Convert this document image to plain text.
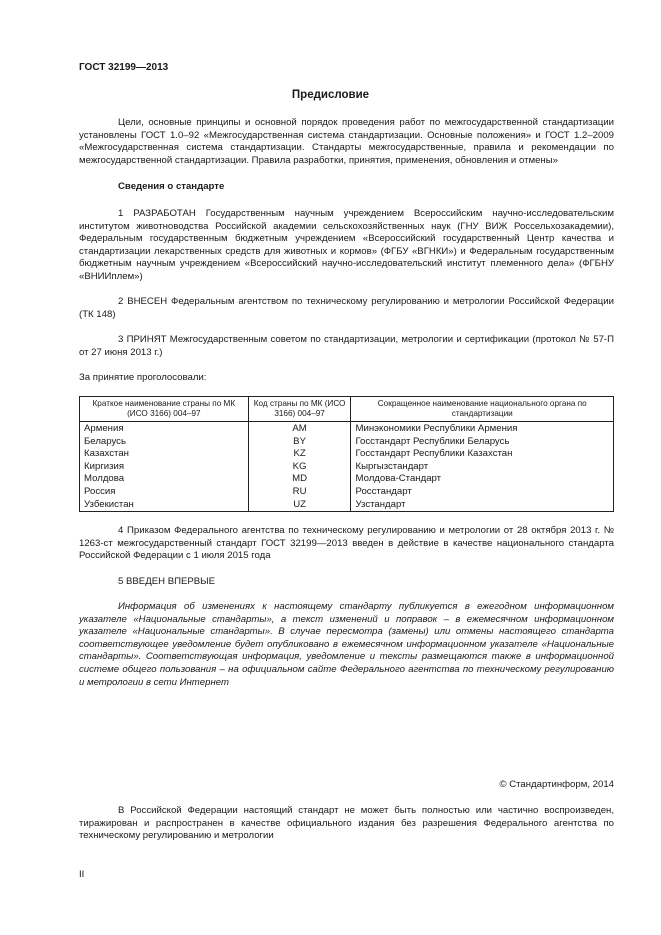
ГОСТ 32199—2013
Предисловие

Цели, основные принципы и основной порядок проведения работ по межгосударственной стандартизации установлены ГОСТ 1.0–92 «Межгосударственная система стандартизации. Основные положения» и ГОСТ 1.2–2009 «Межгосударственная система стандартизации. Стандарты межгосударственные, правила и рекомендации по межгосударственной стандартизации. Правила разработки, принятия, применения, обновления и отмены»

Сведения о стандарте

1 РАЗРАБОТАН Государственным научным учреждением Всероссийским научно-исследовательским институтом животноводства Российской академии сельскохозяйственных наук (ГНУ ВИЖ Россельхозакадемии), Федеральным государственным бюджетным учреждением «Всероссийский государственный Центр качества и стандартизации лекарственных средств для животных и кормов» (ФГБУ «ВГНКИ») и Федеральным государственным бюджетным научным учреждением «Всероссийский научно-исследовательский институт племенного дела» (ФГБНУ «ВНИИплем»)

2 ВНЕСЕН Федеральным агентством по техническому регулированию и метрологии Российской Федерации (ТК 148)

3 ПРИНЯТ Межгосударственным советом по стандартизации, метрологии и сертификации (протокол № 57-П от 27 июня 2013 г.)

За принятие проголосовали:
Краткое наименование страны по МК (ИСО 3166) 004–97	Код страны по МК (ИСО 3166) 004–97	Сокращенное наименование национального органа по стандартизации
Армения	AM	Минэкономики Республики Армения
Беларусь	BY	Госстандарт Республики Беларусь
Казахстан	KZ	Госстандарт Республики Казахстан
Киргизия	KG	Кыргызстандарт
Молдова	MD	Молдова-Стандарт
Россия	RU	Росстандарт
Узбекистан	UZ	Узстандарт

4 Приказом Федерального агентства по техническому регулированию и метрологии от 28 октября 2013 г. № 1263-ст межгосударственный стандарт ГОСТ 32199—2013 введен в действие в качестве национального стандарта Российской Федерации с 1 июля 2015 года

5 ВВЕДЕН ВПЕРВЫЕ

Информация об изменениях к настоящему стандарту публикуется в ежегодном информационном указателе «Национальные стандарты», а текст изменений и поправок – в ежемесячном информационном указателе «Национальные стандарты». В случае пересмотра (замены) или отмены настоящего стандарта соответствующее уведомление будет опубликовано в ежемесячном информационном указателе «Национальные стандарты». Соответствующая информация, уведомление и тексты размещаются также в информационной системе общего пользования – на официальном сайте Федерального агентства по техническому регулированию и метрологии в сети Интернет

© Стандартинформ, 2014

В Российской Федерации настоящий стандарт не может быть полностью или частично воспроизведен, тиражирован и распространен в качестве официального издания без разрешения Федерального агентства по техническому регулированию и метрологии

II
